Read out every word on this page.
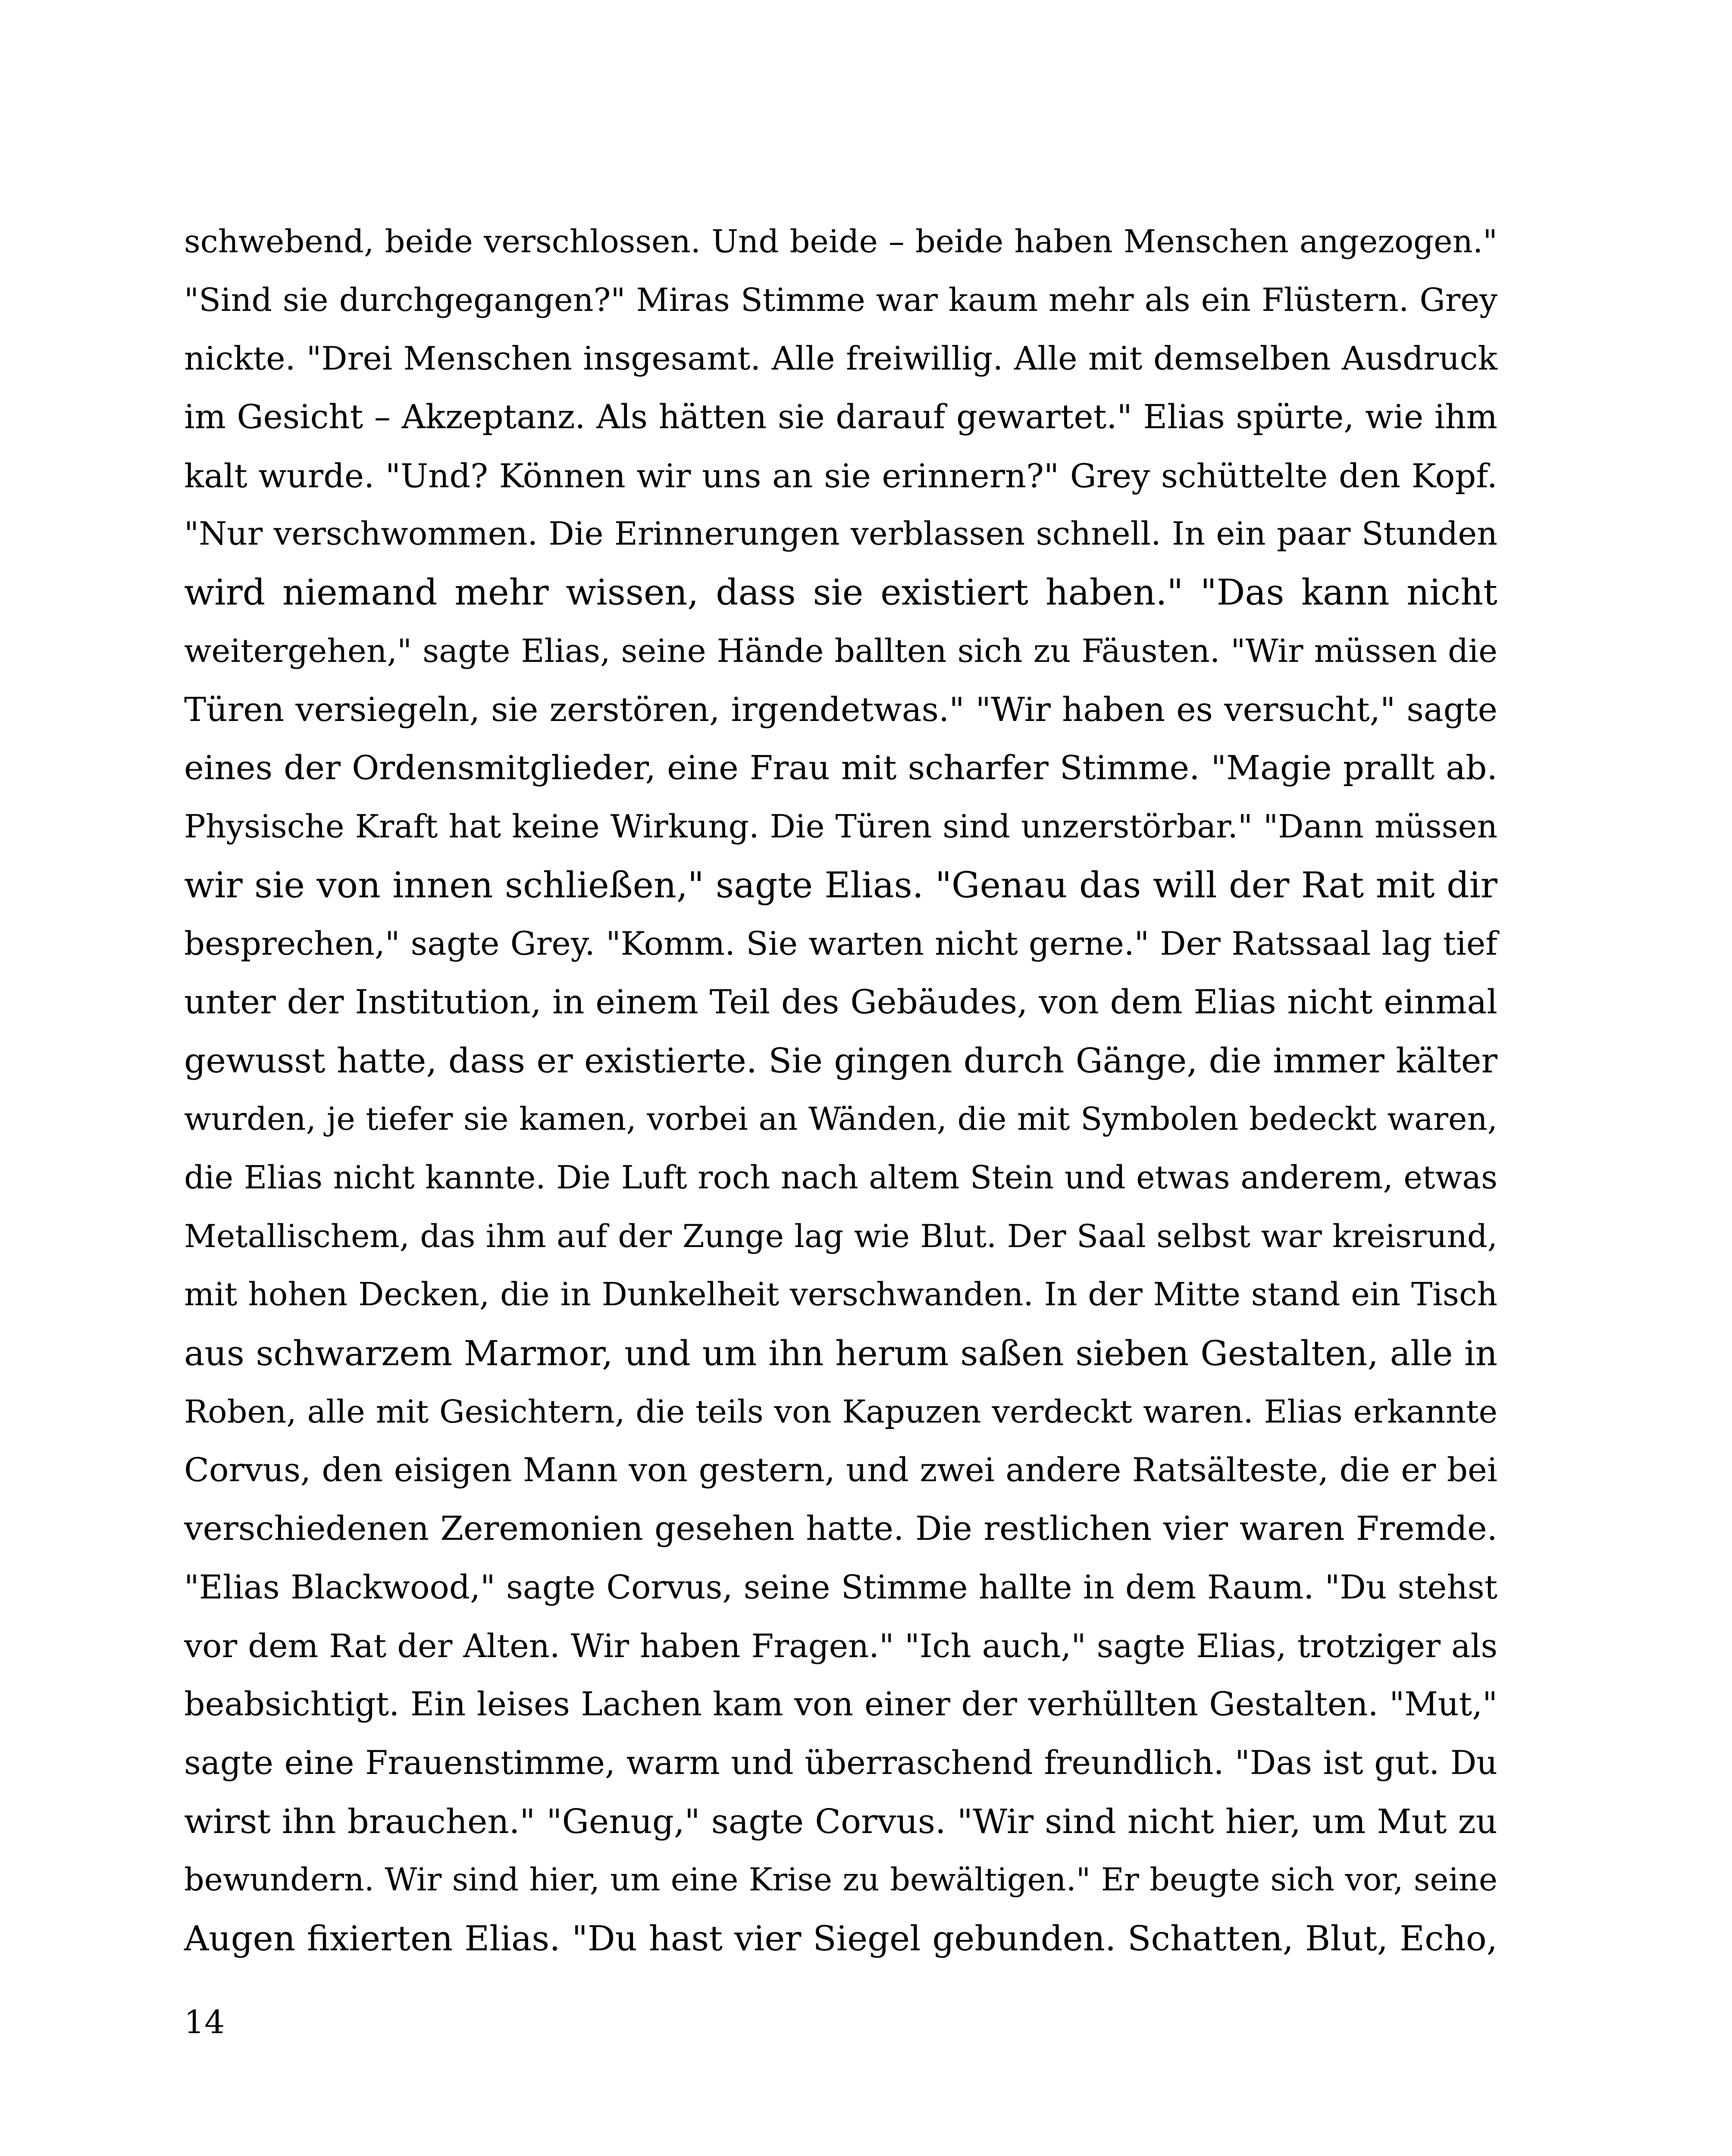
schwebend, beide verschlossen. Und beide – beide haben Menschen angezogen."
"Sind sie durchgegangen?" Miras Stimme war kaum mehr als ein Flüstern. Grey
nickte. "Drei Menschen insgesamt. Alle freiwillig. Alle mit demselben Ausdruck
im Gesicht – Akzeptanz. Als hätten sie darauf gewartet." Elias spürte, wie ihm
kalt wurde. "Und? Können wir uns an sie erinnern?" Grey schüttelte den Kopf.
"Nur verschwommen. Die Erinnerungen verblassen schnell. In ein paar Stunden
wird niemand mehr wissen, dass sie existiert haben." "Das kann nicht
weitergehen," sagte Elias, seine Hände ballten sich zu Fäusten. "Wir müssen die
Türen versiegeln, sie zerstören, irgendetwas." "Wir haben es versucht," sagte
eines der Ordensmitglieder, eine Frau mit scharfer Stimme. "Magie prallt ab.
Physische Kraft hat keine Wirkung. Die Türen sind unzerstörbar." "Dann müssen
wir sie von innen schließen," sagte Elias. "Genau das will der Rat mit dir
besprechen," sagte Grey. "Komm. Sie warten nicht gerne." Der Ratssaal lag tief
unter der Institution, in einem Teil des Gebäudes, von dem Elias nicht einmal
gewusst hatte, dass er existierte. Sie gingen durch Gänge, die immer kälter
wurden, je tiefer sie kamen, vorbei an Wänden, die mit Symbolen bedeckt waren,
die Elias nicht kannte. Die Luft roch nach altem Stein und etwas anderem, etwas
Metallischem, das ihm auf der Zunge lag wie Blut. Der Saal selbst war kreisrund,
mit hohen Decken, die in Dunkelheit verschwanden. In der Mitte stand ein Tisch
aus schwarzem Marmor, und um ihn herum saßen sieben Gestalten, alle in
Roben, alle mit Gesichtern, die teils von Kapuzen verdeckt waren. Elias erkannte
Corvus, den eisigen Mann von gestern, und zwei andere Ratsälteste, die er bei
verschiedenen Zeremonien gesehen hatte. Die restlichen vier waren Fremde.
"Elias Blackwood," sagte Corvus, seine Stimme hallte in dem Raum. "Du stehst
vor dem Rat der Alten. Wir haben Fragen." "Ich auch," sagte Elias, trotziger als
beabsichtigt. Ein leises Lachen kam von einer der verhüllten Gestalten. "Mut,"
sagte eine Frauenstimme, warm und überraschend freundlich. "Das ist gut. Du
wirst ihn brauchen." "Genug," sagte Corvus. "Wir sind nicht hier, um Mut zu
bewundern. Wir sind hier, um eine Krise zu bewältigen." Er beugte sich vor, seine
Augen fixierten Elias. "Du hast vier Siegel gebunden. Schatten, Blut, Echo,
14
